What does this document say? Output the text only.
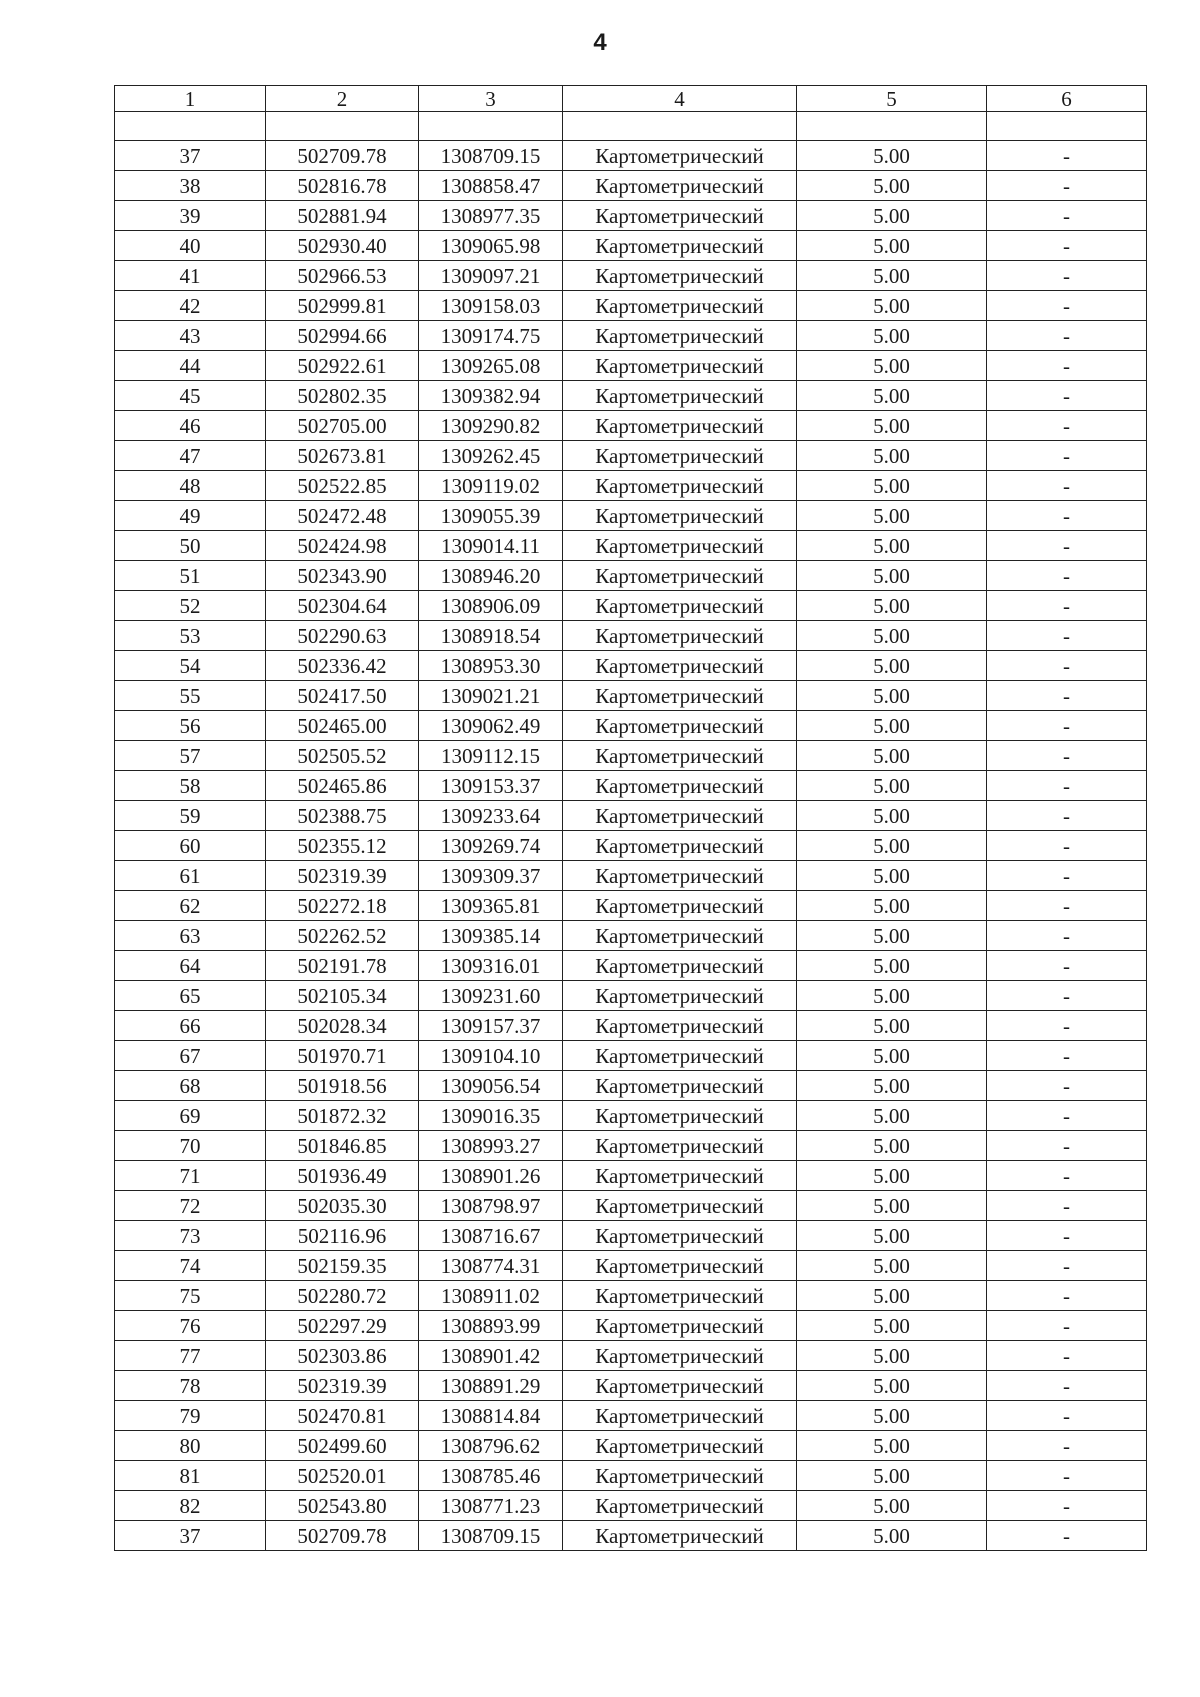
4
1	2	3	4	5	6

37	502709.78	1308709.15	Картометрический	5.00	-
38	502816.78	1308858.47	Картометрический	5.00	-
39	502881.94	1308977.35	Картометрический	5.00	-
40	502930.40	1309065.98	Картометрический	5.00	-
41	502966.53	1309097.21	Картометрический	5.00	-
42	502999.81	1309158.03	Картометрический	5.00	-
43	502994.66	1309174.75	Картометрический	5.00	-
44	502922.61	1309265.08	Картометрический	5.00	-
45	502802.35	1309382.94	Картометрический	5.00	-
46	502705.00	1309290.82	Картометрический	5.00	-
47	502673.81	1309262.45	Картометрический	5.00	-
48	502522.85	1309119.02	Картометрический	5.00	-
49	502472.48	1309055.39	Картометрический	5.00	-
50	502424.98	1309014.11	Картометрический	5.00	-
51	502343.90	1308946.20	Картометрический	5.00	-
52	502304.64	1308906.09	Картометрический	5.00	-
53	502290.63	1308918.54	Картометрический	5.00	-
54	502336.42	1308953.30	Картометрический	5.00	-
55	502417.50	1309021.21	Картометрический	5.00	-
56	502465.00	1309062.49	Картометрический	5.00	-
57	502505.52	1309112.15	Картометрический	5.00	-
58	502465.86	1309153.37	Картометрический	5.00	-
59	502388.75	1309233.64	Картометрический	5.00	-
60	502355.12	1309269.74	Картометрический	5.00	-
61	502319.39	1309309.37	Картометрический	5.00	-
62	502272.18	1309365.81	Картометрический	5.00	-
63	502262.52	1309385.14	Картометрический	5.00	-
64	502191.78	1309316.01	Картометрический	5.00	-
65	502105.34	1309231.60	Картометрический	5.00	-
66	502028.34	1309157.37	Картометрический	5.00	-
67	501970.71	1309104.10	Картометрический	5.00	-
68	501918.56	1309056.54	Картометрический	5.00	-
69	501872.32	1309016.35	Картометрический	5.00	-
70	501846.85	1308993.27	Картометрический	5.00	-
71	501936.49	1308901.26	Картометрический	5.00	-
72	502035.30	1308798.97	Картометрический	5.00	-
73	502116.96	1308716.67	Картометрический	5.00	-
74	502159.35	1308774.31	Картометрический	5.00	-
75	502280.72	1308911.02	Картометрический	5.00	-
76	502297.29	1308893.99	Картометрический	5.00	-
77	502303.86	1308901.42	Картометрический	5.00	-
78	502319.39	1308891.29	Картометрический	5.00	-
79	502470.81	1308814.84	Картометрический	5.00	-
80	502499.60	1308796.62	Картометрический	5.00	-
81	502520.01	1308785.46	Картометрический	5.00	-
82	502543.80	1308771.23	Картометрический	5.00	-
37	502709.78	1308709.15	Картометрический	5.00	-
